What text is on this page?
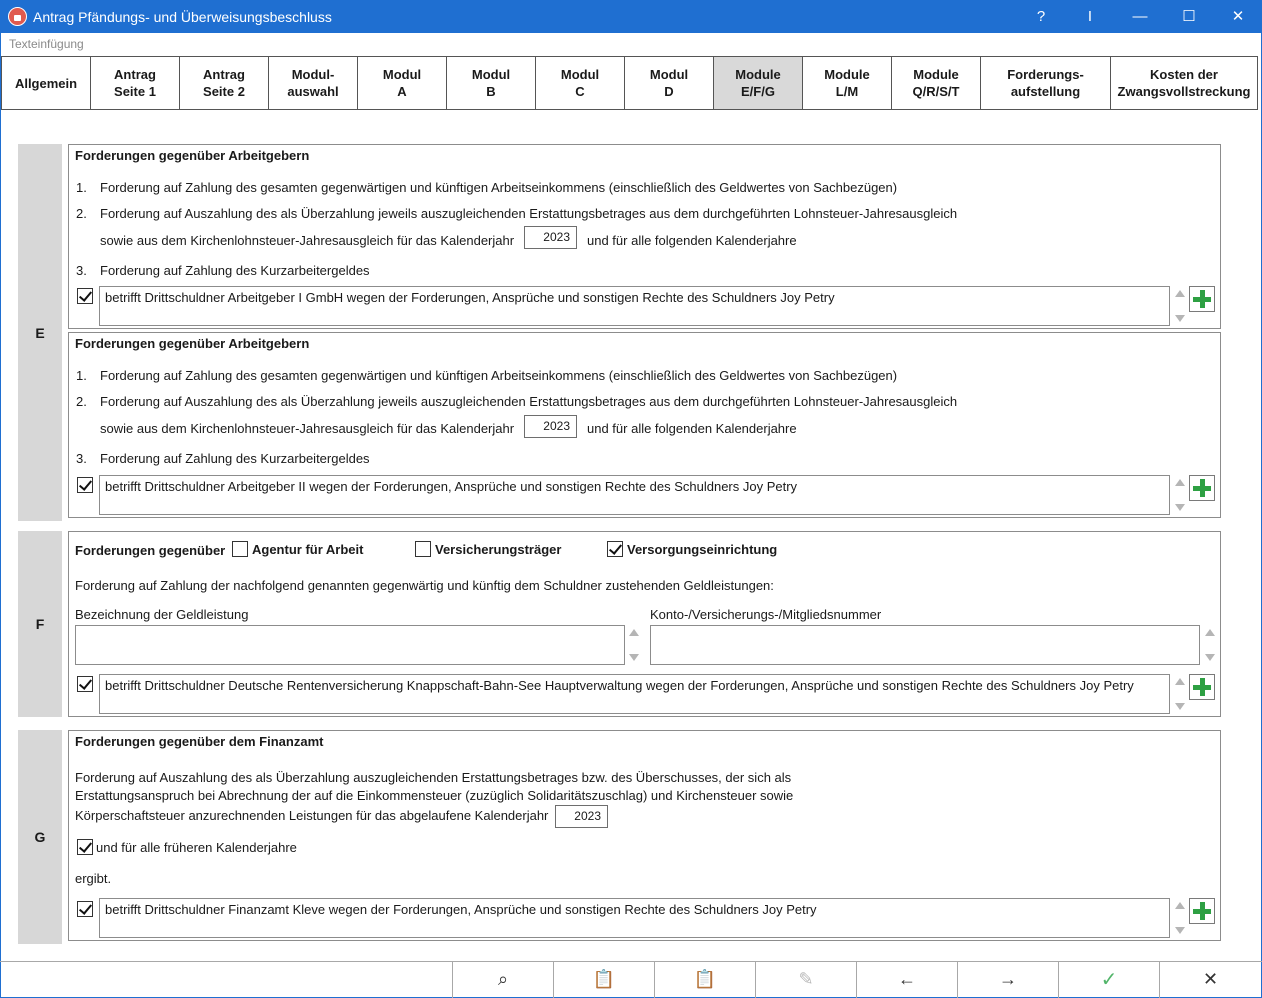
Antrag Pfändungs- und Überweisungsbeschluss	?	I	—	☐	✕
Texteinfügung
Allgemein
Antrag
Seite 1
Antrag
Seite 2
Modul-
auswahl
Modul
A
Modul
B
Modul
C
Modul
D
Module
E/F/G
Module
L/M
Module
Q/R/S/T
Forderungs-
aufstellung
Kosten der
Zwangsvollstreckung
E
Forderungen gegenüber Arbeitgebern
1. Forderung auf Zahlung des gesamten gegenwärtigen und künftigen Arbeitseinkommens (einschließlich des Geldwertes von Sachbezügen)
2. Forderung auf Auszahlung des als Überzahlung jeweils auszugleichenden Erstattungsbetrages aus dem durchgeführten Lohnsteuer-Jahresausgleich
sowie aus dem Kirchenlohnsteuer-Jahresausgleich für das Kalenderjahr	2023	und für alle folgenden Kalenderjahre
3. Forderung auf Zahlung des Kurzarbeitergeldes
betrifft Drittschuldner Arbeitgeber I GmbH wegen der Forderungen, Ansprüche und sonstigen Rechte des Schuldners Joy Petry
Forderungen gegenüber Arbeitgebern
1. Forderung auf Zahlung des gesamten gegenwärtigen und künftigen Arbeitseinkommens (einschließlich des Geldwertes von Sachbezügen)
2. Forderung auf Auszahlung des als Überzahlung jeweils auszugleichenden Erstattungsbetrages aus dem durchgeführten Lohnsteuer-Jahresausgleich
sowie aus dem Kirchenlohnsteuer-Jahresausgleich für das Kalenderjahr	2023	und für alle folgenden Kalenderjahre
3. Forderung auf Zahlung des Kurzarbeitergeldes
betrifft Drittschuldner Arbeitgeber II wegen der Forderungen, Ansprüche und sonstigen Rechte des Schuldners Joy Petry
F
Forderungen gegenüber Agentur für Arbeit	Versicherungsträger	Versorgungseinrichtung
Forderung auf Zahlung der nachfolgend genannten gegenwärtig und künftig dem Schuldner zustehenden Geldleistungen:
Bezeichnung der Geldleistung	Konto-/Versicherungs-/Mitgliedsnummer
betrifft Drittschuldner Deutsche Rentenversicherung Knappschaft-Bahn-See Hauptverwaltung wegen der Forderungen, Ansprüche und sonstigen Rechte des Schuldners Joy Petry
G
Forderungen gegenüber dem Finanzamt
Forderung auf Auszahlung des als Überzahlung auszugleichenden Erstattungsbetrages bzw. des Überschusses, der sich als
Erstattungsanspruch bei Abrechnung der auf die Einkommensteuer (zuzüglich Solidaritätszuschlag) und Kirchensteuer sowie
Körperschaftsteuer anzurechnenden Leistungen für das abgelaufene Kalenderjahr	2023
und für alle früheren Kalenderjahre
ergibt.
betrifft Drittschuldner Finanzamt Kleve wegen der Forderungen, Ansprüche und sonstigen Rechte des Schuldners Joy Petry
⌕	📋	📋	✎	←	→	✓	✕
